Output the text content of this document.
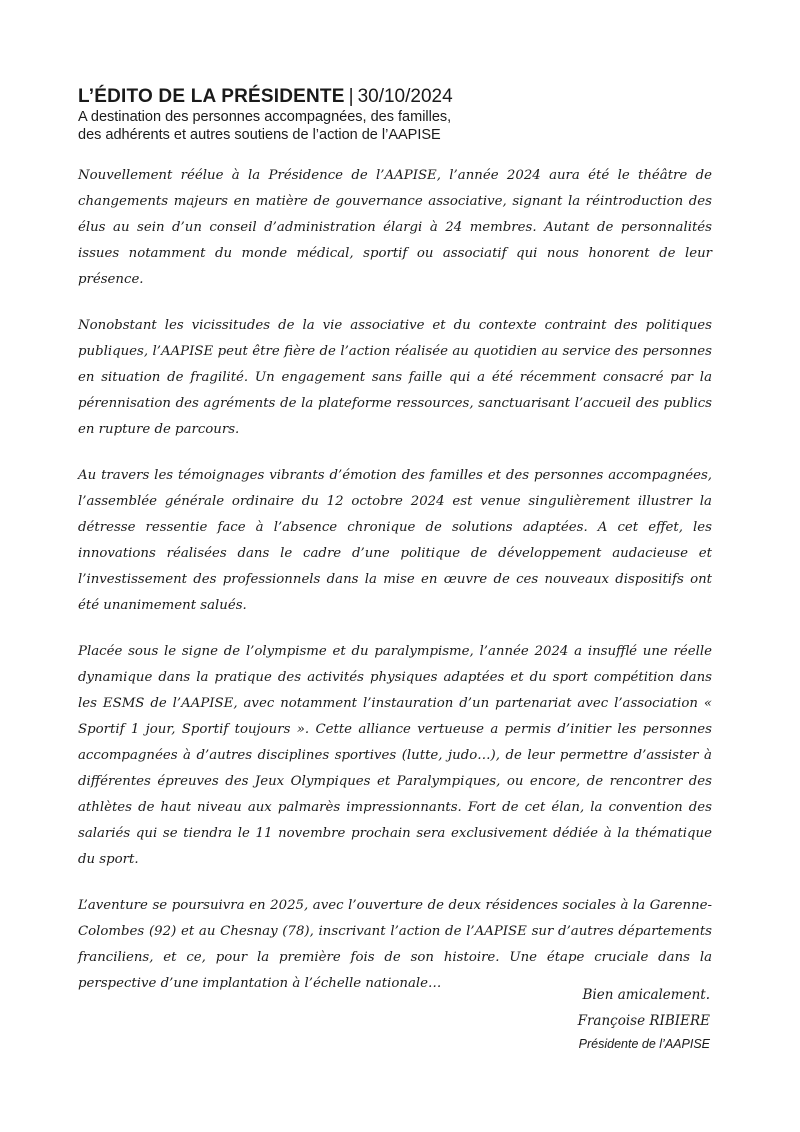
L’ÉDITO DE LA PRÉSIDENTE | 30/10/2024
A destination des personnes accompagnées, des familles,
des adhérents et autres soutiens de l’action de l’AAPISE

Nouvellement réélue à la Présidence de l’AAPISE, l’année 2024 aura été le théâtre de changements majeurs en matière de gouvernance associative, signant la réintroduction des élus au sein d’un conseil d’administration élargi à 24 membres. Autant de personnalités issues notamment du monde médical, sportif ou associatif qui nous honorent de leur présence.

Nonobstant les vicissitudes de la vie associative et du contexte contraint des politiques publiques, l’AAPISE peut être fière de l’action réalisée au quotidien au service des personnes en situation de fragilité. Un engagement sans faille qui a été récemment consacré par la pérennisation des agréments de la plateforme ressources, sanctuarisant l’accueil des publics en rupture de parcours.

Au travers les témoignages vibrants d’émotion des familles et des personnes accompagnées, l’assemblée générale ordinaire du 12 octobre 2024 est venue singulièrement illustrer la détresse ressentie face à l’absence chronique de solutions adaptées. A cet effet, les innovations réalisées dans le cadre d’une politique de développement audacieuse et l’investissement des professionnels dans la mise en œuvre de ces nouveaux dispositifs ont été unanimement salués.

Placée sous le signe de l’olympisme et du paralympisme, l’année 2024 a insufflé une réelle dynamique dans la pratique des activités physiques adaptées et du sport compétition dans les ESMS de l’AAPISE, avec notamment l’instauration d’un partenariat avec l’association « Sportif 1 jour, Sportif toujours ». Cette alliance vertueuse a permis d’initier les personnes accompagnées à d’autres disciplines sportives (lutte, judo…), de leur permettre d’assister à différentes épreuves des Jeux Olympiques et Paralympiques, ou encore, de rencontrer des athlètes de haut niveau aux palmarès impressionnants. Fort de cet élan, la convention des salariés qui se tiendra le 11 novembre prochain sera exclusivement dédiée à la thématique du sport.

L’aventure se poursuivra en 2025, avec l’ouverture de deux résidences sociales à la Garenne-Colombes (92) et au Chesnay (78), inscrivant l’action de l’AAPISE sur d’autres départements franciliens, et ce, pour la première fois de son histoire. Une étape cruciale dans la perspective d’une implantation à l’échelle nationale…

Bien amicalement.
Françoise RIBIERE
Présidente de l’AAPISE
